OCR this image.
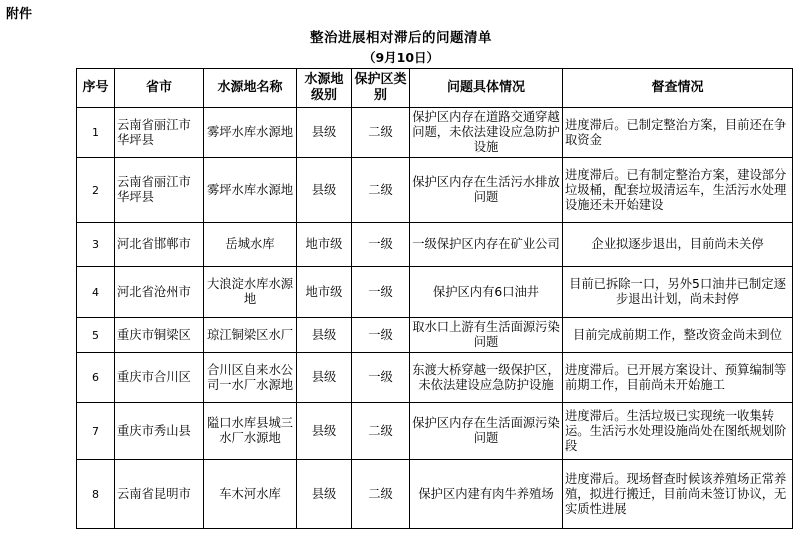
附件
整治进展相对滞后的问题清单
（9月10日）
序号	省市	水源地名称	水源地级别	保护区类别	问题具体情况	督查情况
1	云南省丽江市华坪县	雾坪水库水源地	县级	二级	保护区内存在道路交通穿越问题，未依法建设应急防护设施	进度滞后。已制定整治方案，目前还在争取资金
2	云南省丽江市华坪县	雾坪水库水源地	县级	二级	保护区内存在生活污水排放问题	进度滞后。已有制定整治方案，建设部分垃圾桶，配套垃圾清运车，生活污水处理设施还未开始建设
3	河北省邯郸市	岳城水库	地市级	一级	一级保护区内存在矿业公司	企业拟逐步退出，目前尚未关停
4	河北省沧州市	大浪淀水库水源地	地市级	一级	保护区内有6口油井	目前已拆除一口，另外5口油井已制定逐步退出计划，尚未封停
5	重庆市铜梁区	琼江铜梁区水厂	县级	一级	取水口上游有生活面源污染问题	目前完成前期工作，整改资金尚未到位
6	重庆市合川区	合川区自来水公司一水厂水源地	县级	一级	东渡大桥穿越一级保护区，未依法建设应急防护设施	进度滞后。已开展方案设计、预算编制等前期工作，目前尚未开始施工
7	重庆市秀山县	隘口水库县城三水厂水源地	县级	二级	保护区内存在生活面源污染问题	进度滞后。生活垃圾已实现统一收集转运。生活污水处理设施尚处在图纸规划阶段
8	云南省昆明市	车木河水库	县级	二级	保护区内建有肉牛养殖场	进度滞后。现场督查时候该养殖场正常养殖，拟进行搬迁，目前尚未签订协议，无实质性进展
